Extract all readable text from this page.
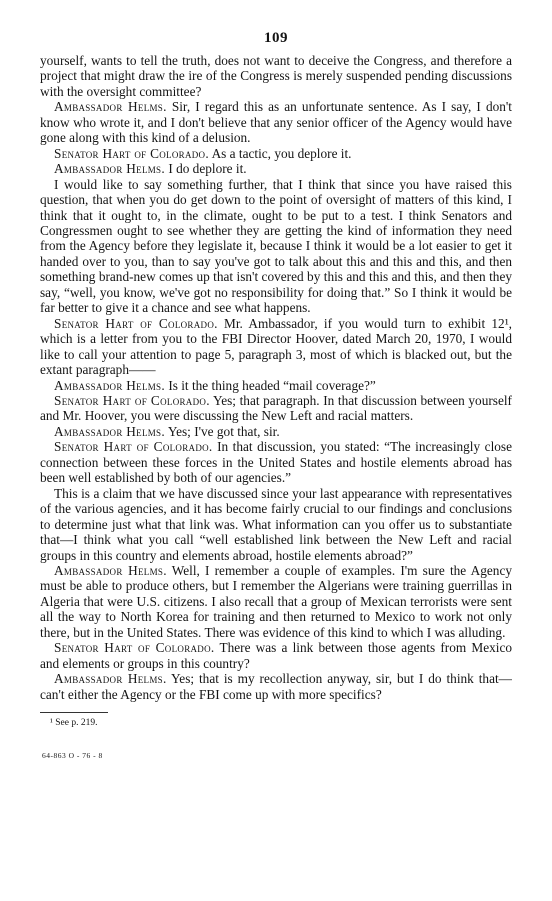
109

yourself, wants to tell the truth, does not want to deceive the Congress, and therefore a project that might draw the ire of the Congress is merely suspended pending discussions with the oversight committee?

Ambassador Helms. Sir, I regard this as an unfortunate sentence. As I say, I don't know who wrote it, and I don't believe that any senior officer of the Agency would have gone along with this kind of a delusion.

Senator Hart of Colorado. As a tactic, you deplore it.

Ambassador Helms. I do deplore it.

I would like to say something further, that I think that since you have raised this question, that when you do get down to the point of oversight of matters of this kind, I think that it ought to, in the climate, ought to be put to a test. I think Senators and Congressmen ought to see whether they are getting the kind of information they need from the Agency before they legislate it, because I think it would be a lot easier to get it handed over to you, than to say you've got to talk about this and this and this, and then something brand-new comes up that isn't covered by this and this and this, and then they say, “well, you know, we've got no responsibility for doing that.” So I think it would be far better to give it a chance and see what happens.

Senator Hart of Colorado. Mr. Ambassador, if you would turn to exhibit 12¹, which is a letter from you to the FBI Director Hoover, dated March 20, 1970, I would like to call your attention to page 5, paragraph 3, most of which is blacked out, but the extant paragraph——

Ambassador Helms. Is it the thing headed “mail coverage?”

Senator Hart of Colorado. Yes; that paragraph. In that discussion between yourself and Mr. Hoover, you were discussing the New Left and racial matters.

Ambassador Helms. Yes; I've got that, sir.

Senator Hart of Colorado. In that discussion, you stated: “The increasingly close connection between these forces in the United States and hostile elements abroad has been well established by both of our agencies.”

This is a claim that we have discussed since your last appearance with representatives of the various agencies, and it has become fairly crucial to our findings and conclusions to determine just what that link was. What information can you offer us to substantiate that—I think what you call “well established link between the New Left and racial groups in this country and elements abroad, hostile elements abroad?”

Ambassador Helms. Well, I remember a couple of examples. I'm sure the Agency must be able to produce others, but I remember the Algerians were training guerrillas in Algeria that were U.S. citizens. I also recall that a group of Mexican terrorists were sent all the way to North Korea for training and then returned to Mexico to work not only there, but in the United States. There was evidence of this kind to which I was alluding.

Senator Hart of Colorado. There was a link between those agents from Mexico and elements or groups in this country?

Ambassador Helms. Yes; that is my recollection anyway, sir, but I do think that—can't either the Agency or the FBI come up with more specifics?

¹ See p. 219.
64-863 O - 76 - 8
